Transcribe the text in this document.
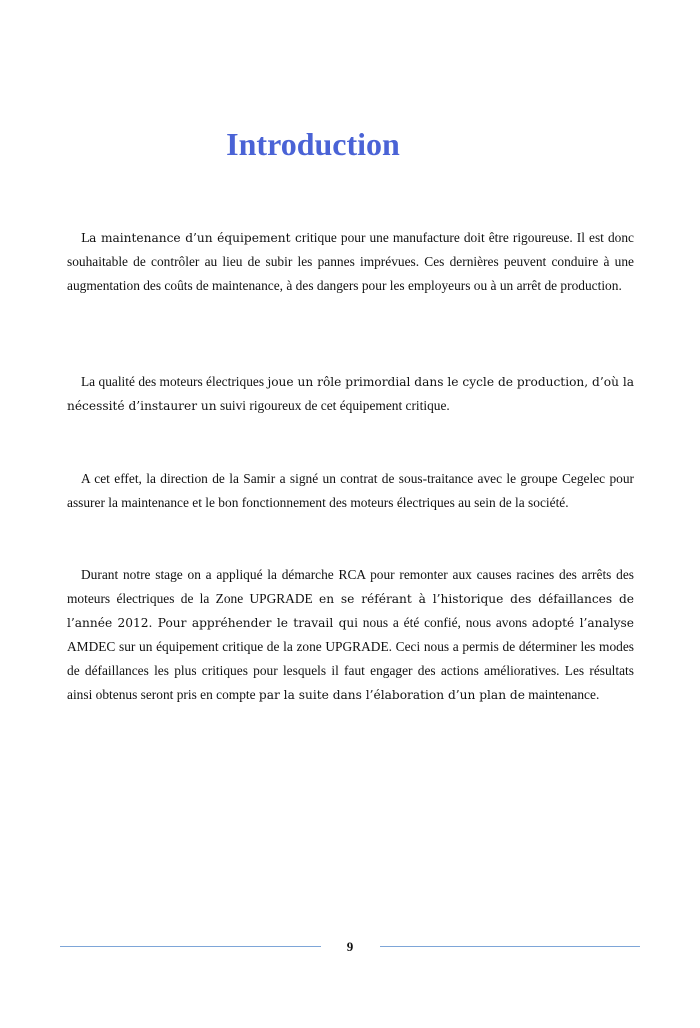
Introduction

La maintenance d’un équipement critique pour une manufacture doit être rigoureuse. Il est donc souhaitable de contrôler au lieu de subir les pannes imprévues. Ces dernières peuvent conduire à une augmentation des coûts de maintenance, à des dangers pour les employeurs ou à un arrêt de production.

La qualité des moteurs électriques joue un rôle primordial dans le cycle de production, d’où la nécessité d’instaurer un suivi rigoureux de cet équipement critique.

A cet effet, la direction de la Samir a signé un contrat de sous-traitance avec le groupe Cegelec pour assurer la maintenance et le bon fonctionnement des moteurs électriques au sein de la société.

Durant notre stage on a appliqué la démarche RCA pour remonter aux causes racines des arrêts des moteurs électriques de la Zone UPGRADE en se référant à l’historique des défaillances de l’année 2012. Pour appréhender le travail qui nous a été confié, nous avons adopté l’analyse AMDEC sur un équipement critique de la zone UPGRADE. Ceci nous a permis de déterminer les modes de défaillances les plus critiques pour lesquels il faut engager des actions amélioratives. Les résultats ainsi obtenus seront pris en compte par la suite dans l’élaboration d’un plan de maintenance.

9
